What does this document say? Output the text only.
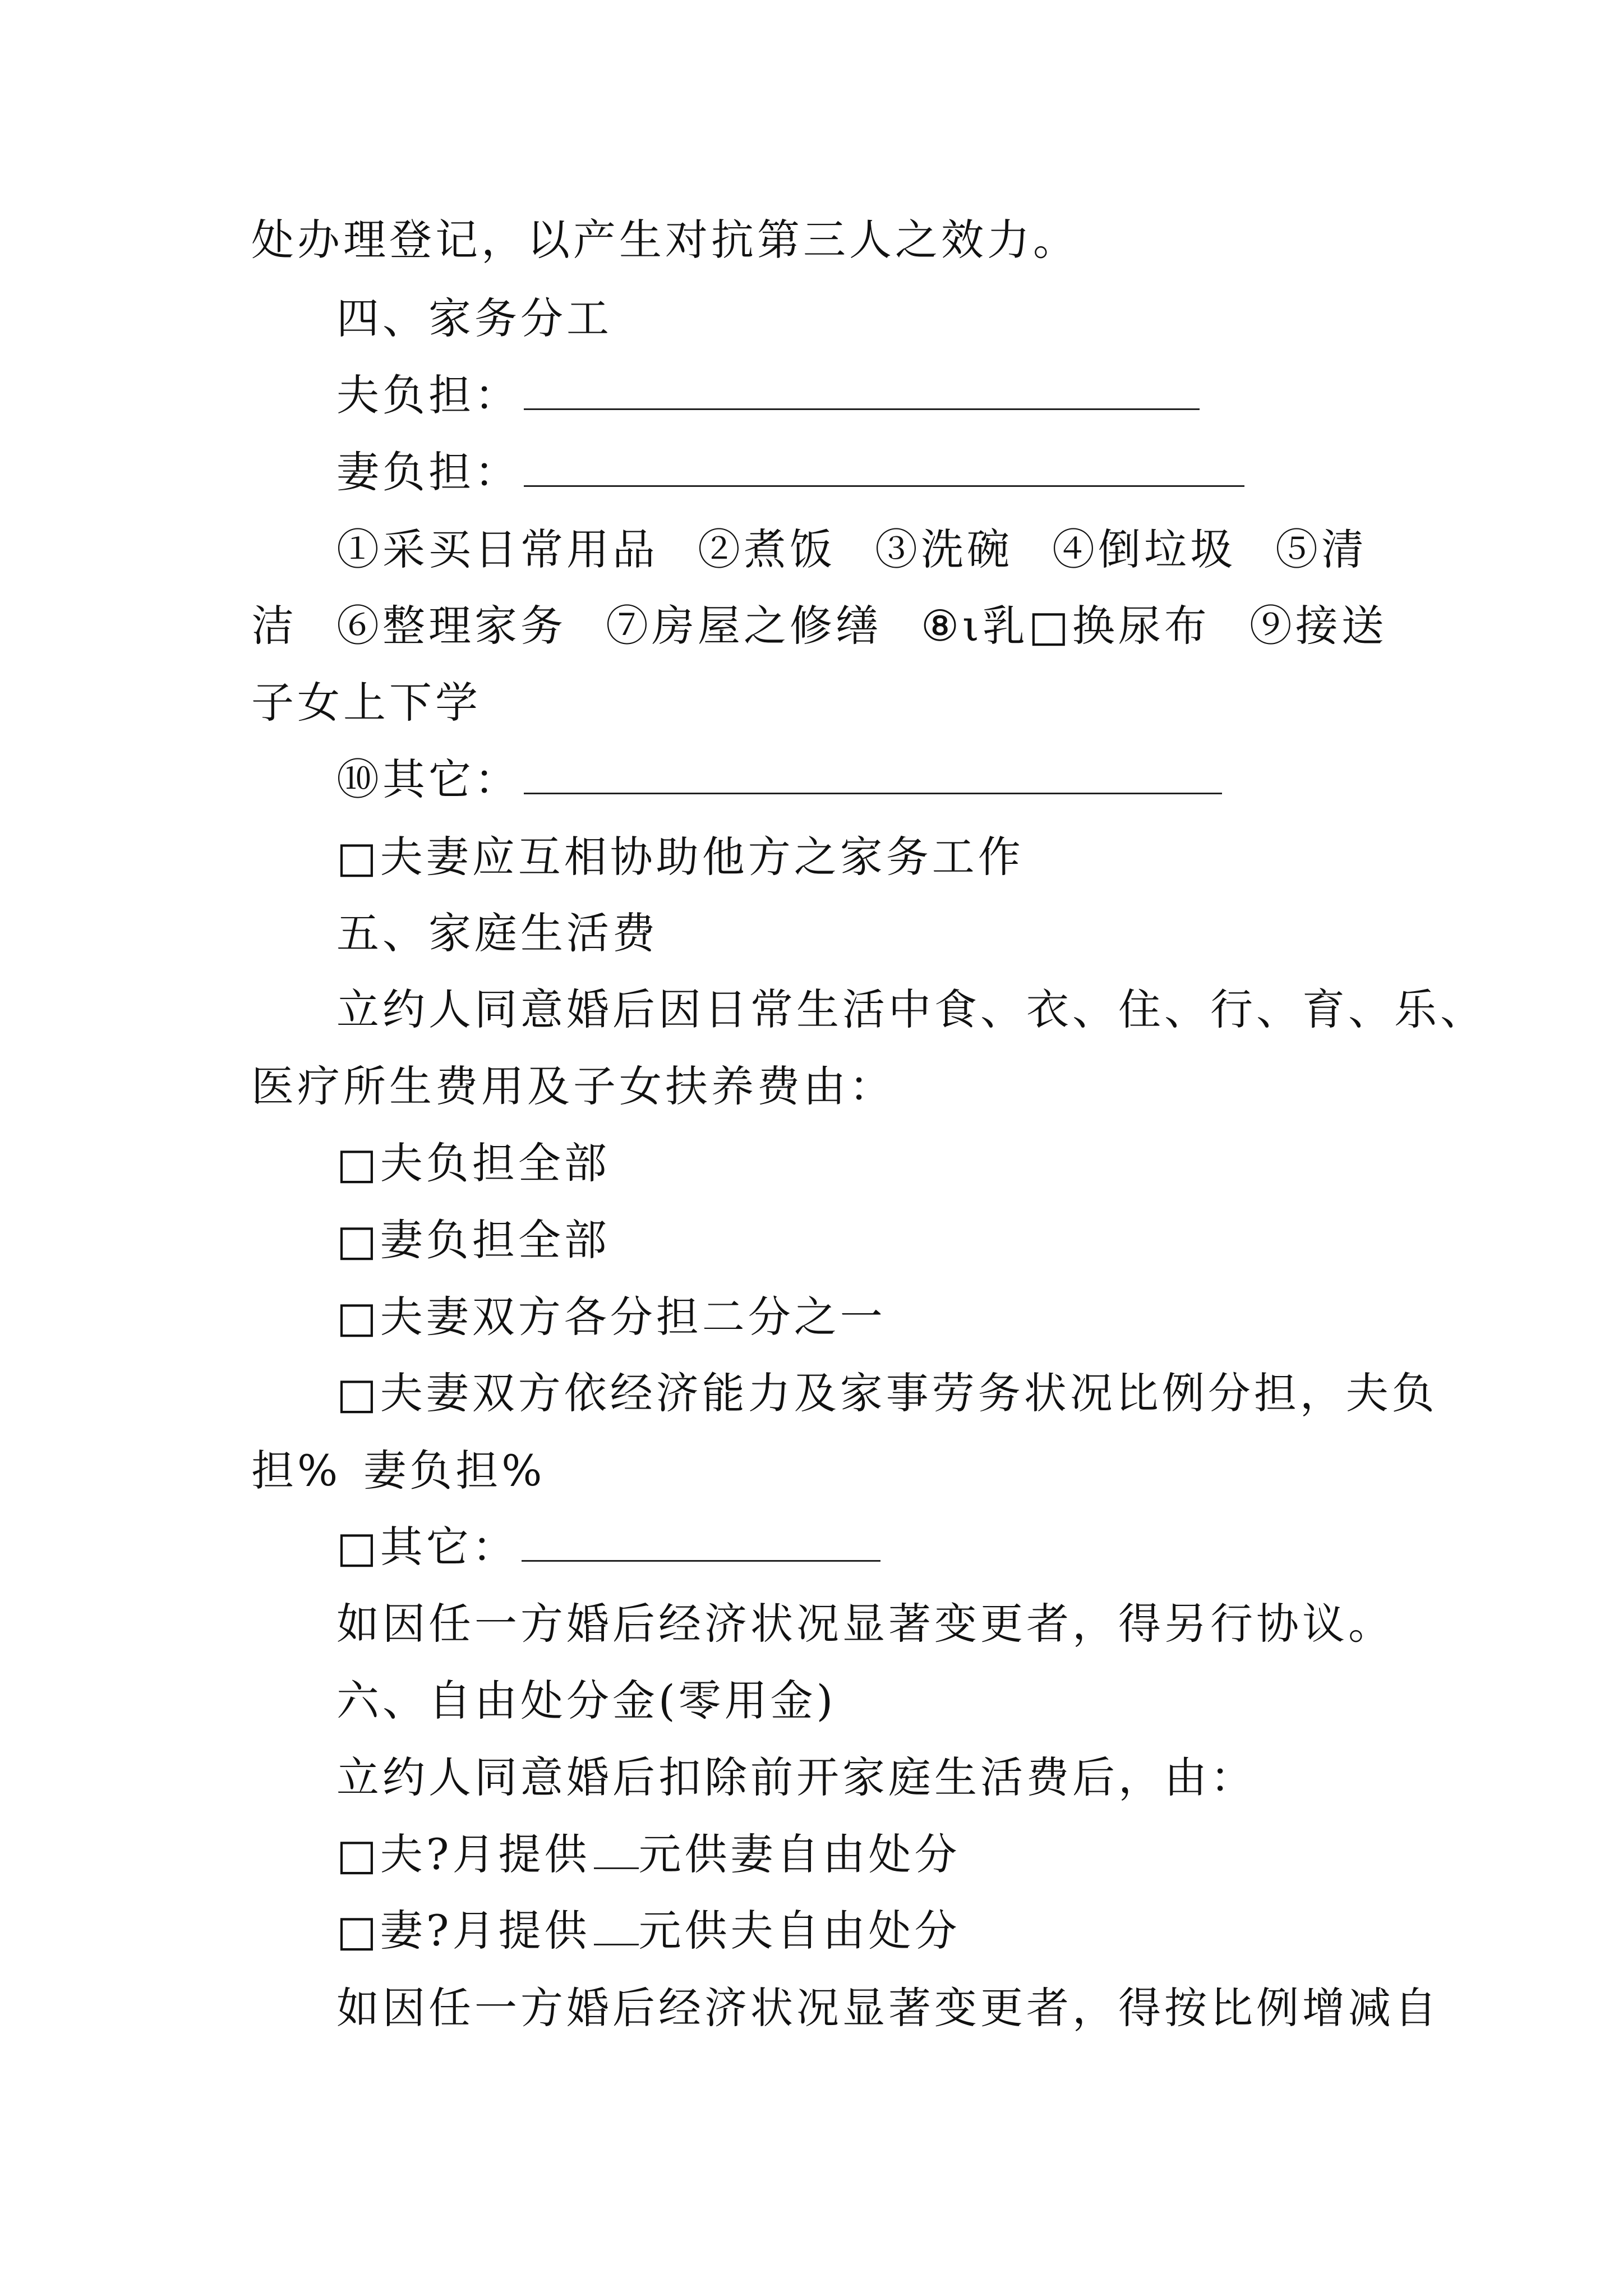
处办理登记，以产生对抗第三人之效力。
四、家务分工
夫负担：
妻负担：
①采买日常用品 ②煮饭 ③洗碗 ④倒垃圾 ⑤清
洁 ⑥整理家务 ⑦房屋之修缮 ⑧ι乳□换尿布 ⑨接送
子女上下学
⑩其它：
□夫妻应互相协助他方之家务工作
五、家庭生活费
立约人同意婚后因日常生活中食、衣、住、行、育、乐、
医疗所生费用及子女扶养费由：
□夫负担全部
□妻负担全部
□夫妻双方各分担二分之一
□夫妻双方依经济能力及家事劳务状况比例分担，夫负
担% 妻负担%
□其它：
如因任一方婚后经济状况显著变更者，得另行协议。
六、自由处分金(零用金)
立约人同意婚后扣除前开家庭生活费后，由：
□夫?月提供 元供妻自由处分
□妻?月提供 元供夫自由处分
如因任一方婚后经济状况显著变更者，得按比例增减自
